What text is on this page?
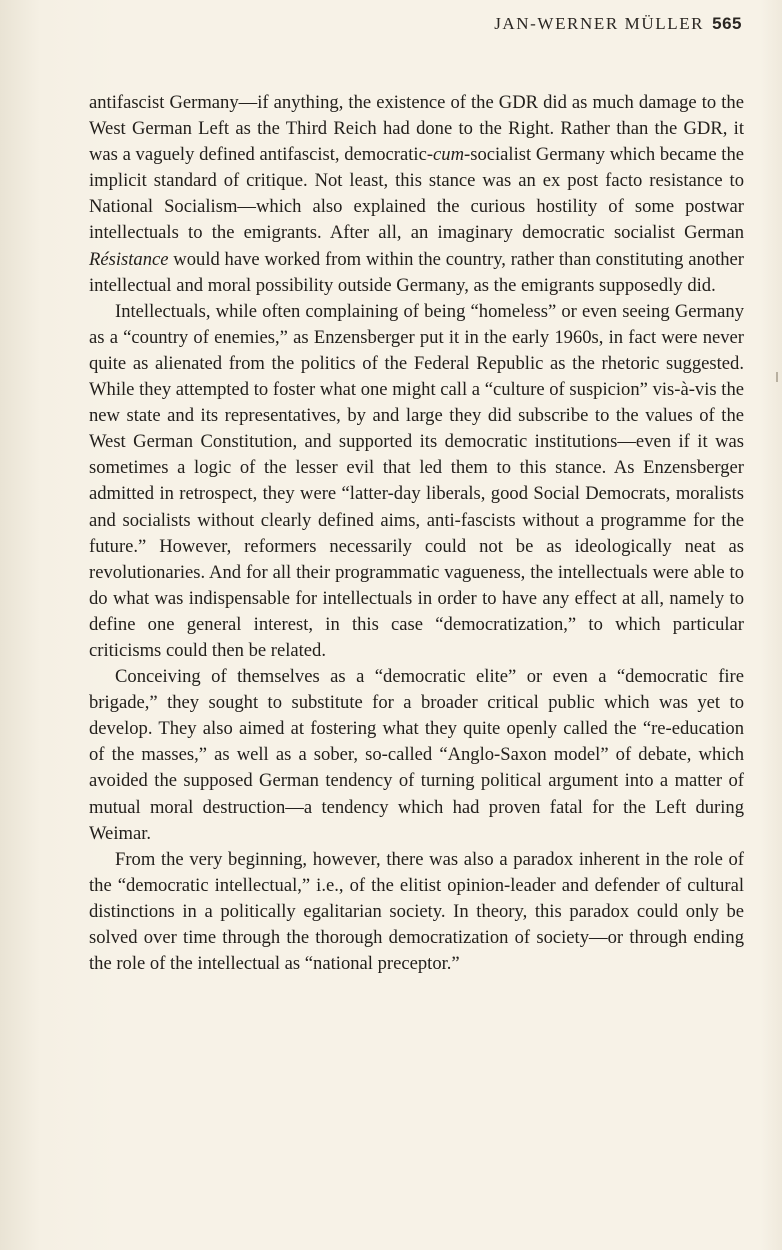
JAN-WERNER MÜLLER 565

antifascist Germany—if anything, the existence of the GDR did as much damage to the West German Left as the Third Reich had done to the Right. Rather than the GDR, it was a vaguely defined antifascist, democratic-cum-socialist Germany which became the implicit standard of critique. Not least, this stance was an ex post facto resistance to National Socialism—which also explained the curious hostility of some postwar intellectuals to the emigrants. After all, an imaginary democratic socialist German Résistance would have worked from within the country, rather than constituting another intellectual and moral possibility outside Germany, as the emigrants supposedly did.

Intellectuals, while often complaining of being “homeless” or even seeing Germany as a “country of enemies,” as Enzensberger put it in the early 1960s, in fact were never quite as alienated from the politics of the Federal Republic as the rhetoric suggested. While they attempted to foster what one might call a “culture of suspicion” vis-à-vis the new state and its representatives, by and large they did subscribe to the values of the West German Constitution, and supported its democratic institutions—even if it was sometimes a logic of the lesser evil that led them to this stance. As Enzensberger admitted in retrospect, they were “latter-day liberals, good Social Democrats, moralists and socialists without clearly defined aims, anti-fascists without a programme for the future.” However, reformers necessarily could not be as ideologically neat as revolutionaries. And for all their programmatic vagueness, the intellectuals were able to do what was indispensable for intellectuals in order to have any effect at all, namely to define one general interest, in this case “democratization,” to which particular criticisms could then be related.

Conceiving of themselves as a “democratic elite” or even a “democratic fire brigade,” they sought to substitute for a broader critical public which was yet to develop. They also aimed at fostering what they quite openly called the “re-education of the masses,” as well as a sober, so-called “Anglo-Saxon model” of debate, which avoided the supposed German tendency of turning political argument into a matter of mutual moral destruction—a tendency which had proven fatal for the Left during Weimar.

From the very beginning, however, there was also a paradox inherent in the role of the “democratic intellectual,” i.e., of the elitist opinion-leader and defender of cultural distinctions in a politically egalitarian society. In theory, this paradox could only be solved over time through the thorough democratization of society—or through ending the role of the intellectual as “national preceptor.”
